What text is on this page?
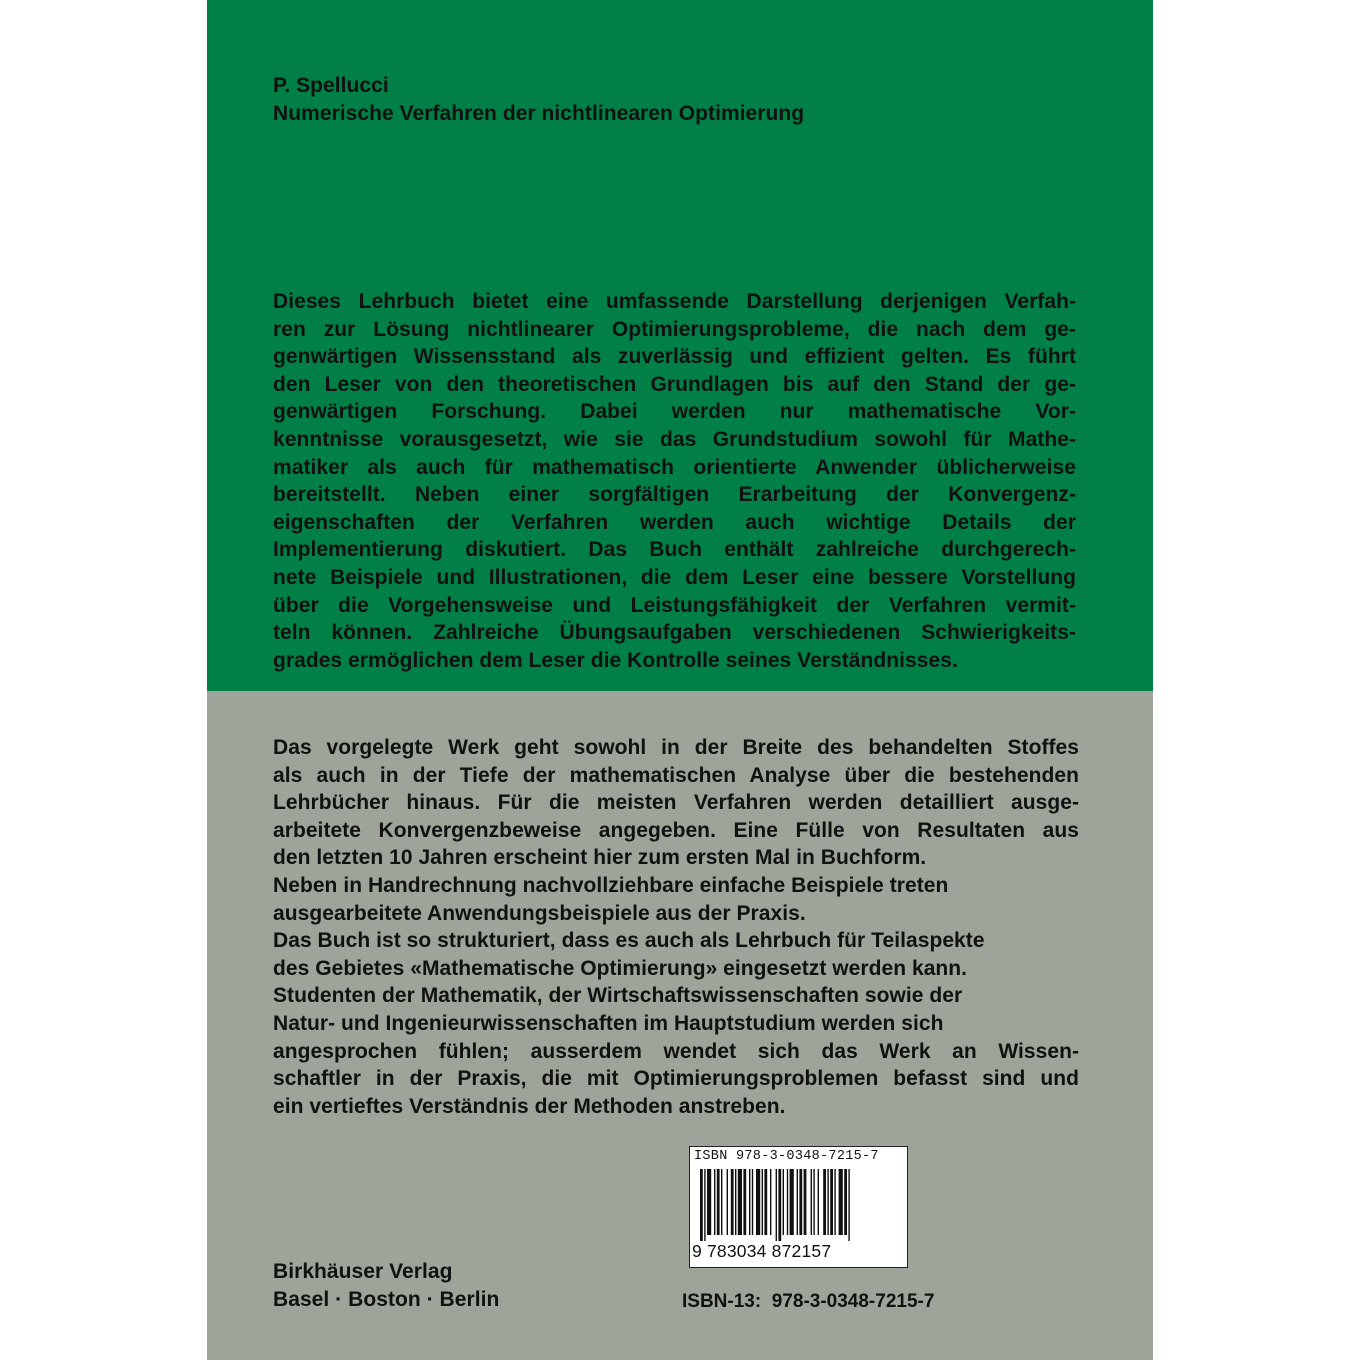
P. Spellucci
Numerische Verfahren der nichtlinearen Optimierung
Dieses Lehrbuch bietet eine umfassende Darstellung derjenigen Verfah-
ren zur Lösung nichtlinearer Optimierungsprobleme, die nach dem ge-
genwärtigen Wissensstand als zuverlässig und effizient gelten. Es führt
den Leser von den theoretischen Grundlagen bis auf den Stand der ge-
genwärtigen Forschung. Dabei werden nur mathematische Vor-
kenntnisse vorausgesetzt, wie sie das Grundstudium sowohl für Mathe-
matiker als auch für mathematisch orientierte Anwender üblicherweise
bereitstellt. Neben einer sorgfältigen Erarbeitung der Konvergenz-
eigenschaften der Verfahren werden auch wichtige Details der
Implementierung diskutiert. Das Buch enthält zahlreiche durchgerech-
nete Beispiele und Illustrationen, die dem Leser eine bessere Vorstellung
über die Vorgehensweise und Leistungsfähigkeit der Verfahren vermit-
teln können. Zahlreiche Übungsaufgaben verschiedenen Schwierigkeits-
grades ermöglichen dem Leser die Kontrolle seines Verständnisses.
Das vorgelegte Werk geht sowohl in der Breite des behandelten Stoffes
als auch in der Tiefe der mathematischen Analyse über die bestehenden
Lehrbücher hinaus. Für die meisten Verfahren werden detailliert ausge-
arbeitete Konvergenzbeweise angegeben. Eine Fülle von Resultaten aus
den letzten 10 Jahren erscheint hier zum ersten Mal in Buchform.
Neben in Handrechnung nachvollziehbare einfache Beispiele treten
ausgearbeitete Anwendungsbeispiele aus der Praxis.
Das Buch ist so strukturiert, dass es auch als Lehrbuch für Teilaspekte
des Gebietes «Mathematische Optimierung» eingesetzt werden kann.
Studenten der Mathematik, der Wirtschaftswissenschaften sowie der
Natur- und Ingenieurwissenschaften im Hauptstudium werden sich
angesprochen fühlen; ausserdem wendet sich das Werk an Wissen-
schaftler in der Praxis, die mit Optimierungsproblemen befasst sind und
ein vertieftes Verständnis der Methoden anstreben.
ISBN 978-3-0348-7215-7
9 783034 872157
Birkhäuser Verlag
Basel · Boston · Berlin	ISBN-13:  978-3-0348-7215-7
